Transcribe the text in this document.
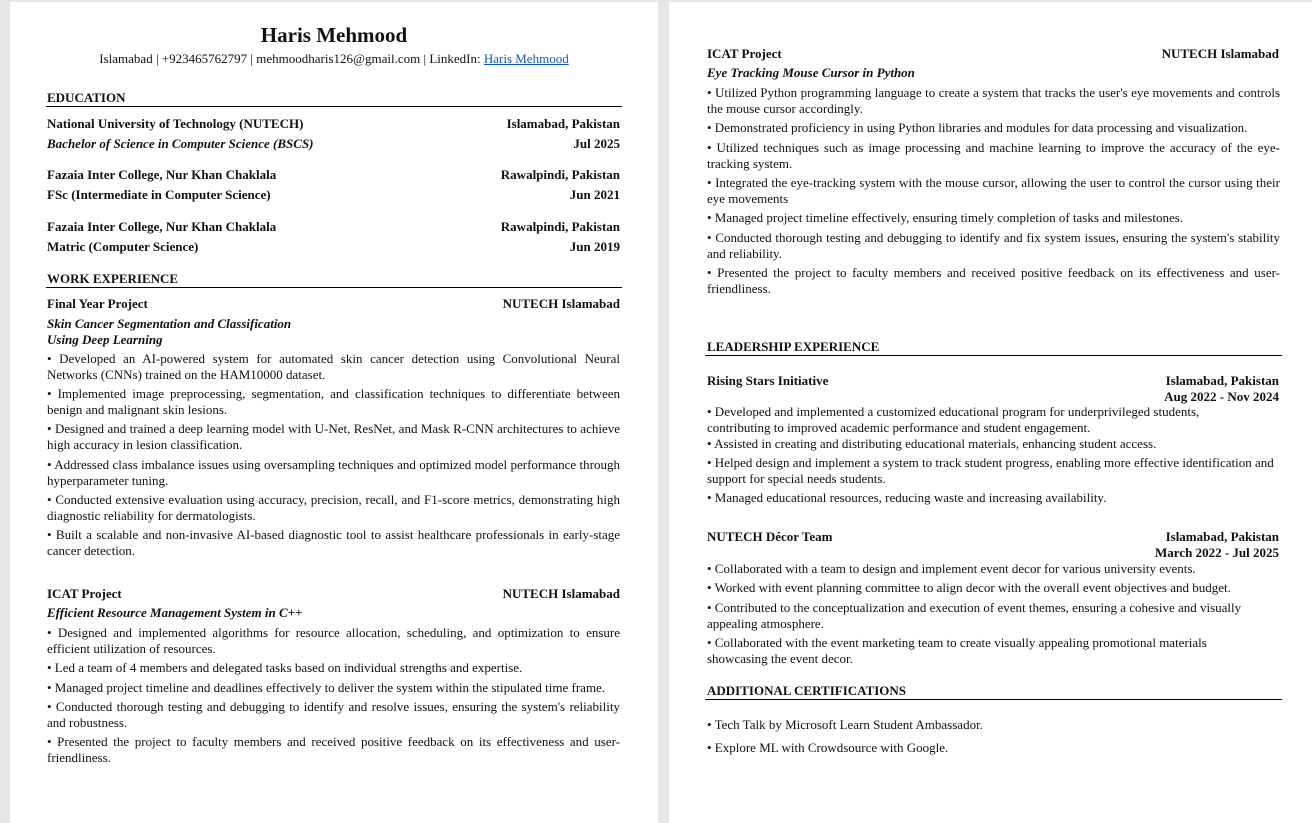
Haris Mehmood
Islamabad | +923465762797 | mehmoodharis126@gmail.com | LinkedIn: Haris Mehmood
EDUCATION
National University of Technology (NUTECH)	Islamabad, Pakistan
Bachelor of Science in Computer Science (BSCS)	Jul 2025
Fazaia Inter College, Nur Khan Chaklala	Rawalpindi, Pakistan
FSc (Intermediate in Computer Science)	Jun 2021
Fazaia Inter College, Nur Khan Chaklala	Rawalpindi, Pakistan
Matric (Computer Science)	Jun 2019
WORK EXPERIENCE
Final Year Project	NUTECH Islamabad
Skin Cancer Segmentation and Classification
Using Deep Learning
• Developed an AI-powered system for automated skin cancer detection using Convolutional Neural Networks (CNNs) trained on the HAM10000 dataset.
• Implemented image preprocessing, segmentation, and classification techniques to differentiate between benign and malignant skin lesions.
• Designed and trained a deep learning model with U-Net, ResNet, and Mask R-CNN architectures to achieve high accuracy in lesion classification.
• Addressed class imbalance issues using oversampling techniques and optimized model performance through hyperparameter tuning.
• Conducted extensive evaluation using accuracy, precision, recall, and F1-score metrics, demonstrating high diagnostic reliability for dermatologists.
• Built a scalable and non-invasive AI-based diagnostic tool to assist healthcare professionals in early-stage cancer detection.
ICAT Project	NUTECH Islamabad
Efficient Resource Management System in C++
• Designed and implemented algorithms for resource allocation, scheduling, and optimization to ensure efficient utilization of resources.
• Led a team of 4 members and delegated tasks based on individual strengths and expertise.
• Managed project timeline and deadlines effectively to deliver the system within the stipulated time frame.
• Conducted thorough testing and debugging to identify and resolve issues, ensuring the system's reliability and robustness.
• Presented the project to faculty members and received positive feedback on its effectiveness and user-friendliness.
ICAT Project	NUTECH Islamabad
Eye Tracking Mouse Cursor in Python
• Utilized Python programming language to create a system that tracks the user's eye movements and controls the mouse cursor accordingly.
• Demonstrated proficiency in using Python libraries and modules for data processing and visualization.
• Utilized techniques such as image processing and machine learning to improve the accuracy of the eye-tracking system.
• Integrated the eye-tracking system with the mouse cursor, allowing the user to control the cursor using their eye movements
• Managed project timeline effectively, ensuring timely completion of tasks and milestones.
• Conducted thorough testing and debugging to identify and fix system issues, ensuring the system's stability and reliability.
• Presented the project to faculty members and received positive feedback on its effectiveness and user-friendliness.
LEADERSHIP EXPERIENCE
Rising Stars Initiative	Islamabad, Pakistan
Aug 2022 - Nov 2024
• Developed and implemented a customized educational program for underprivileged students, contributing to improved academic performance and student engagement.
• Assisted in creating and distributing educational materials, enhancing student access.
• Helped design and implement a system to track student progress, enabling more effective identification and support for special needs students.
• Managed educational resources, reducing waste and increasing availability.
NUTECH Décor Team	Islamabad, Pakistan
March 2022 - Jul 2025
• Collaborated with a team to design and implement event decor for various university events.
• Worked with event planning committee to align decor with the overall event objectives and budget.
• Contributed to the conceptualization and execution of event themes, ensuring a cohesive and visually appealing atmosphere.
• Collaborated with the event marketing team to create visually appealing promotional materials showcasing the event decor.
ADDITIONAL CERTIFICATIONS
• Tech Talk by Microsoft Learn Student Ambassador.
• Explore ML with Crowdsource with Google.
